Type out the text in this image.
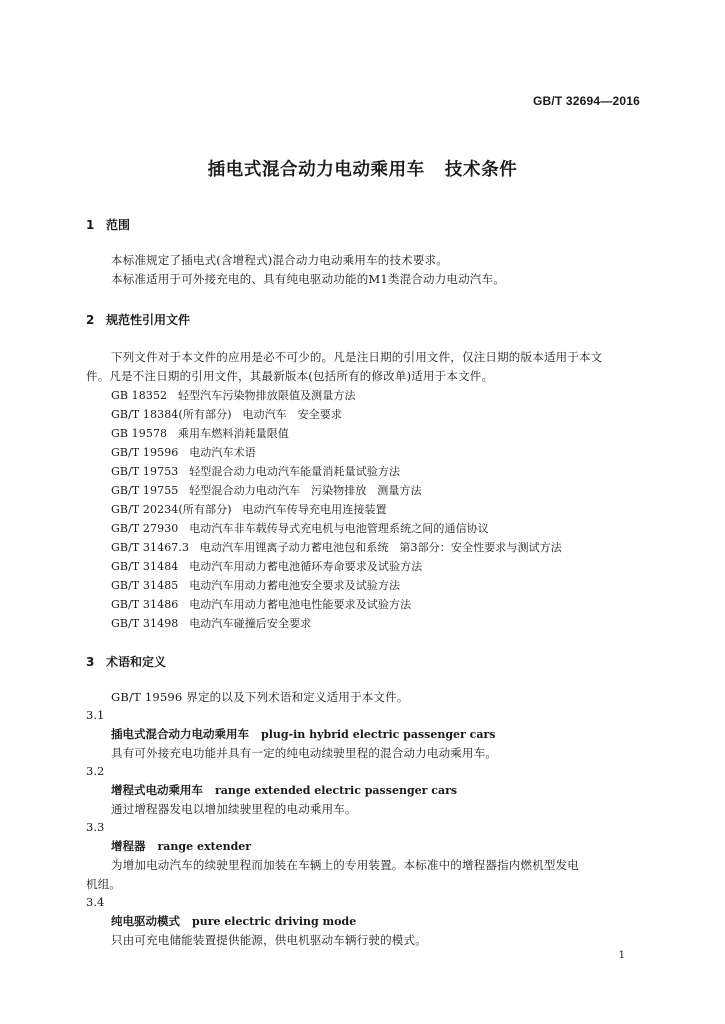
GB/T 32694—2016
插电式混合动力电动乘用车   技术条件
1 范围
本标准规定了插电式(含增程式)混合动力电动乘用车的技术要求。
本标准适用于可外接充电的、具有纯电驱动功能的M1类混合动力电动汽车。
2 规范性引用文件
下列文件对于本文件的应用是必不可少的。凡是注日期的引用文件，仅注日期的版本适用于本文
件。凡是不注日期的引用文件，其最新版本(包括所有的修改单)适用于本文件。
GB 18352   轻型汽车污染物排放限值及测量方法
GB/T 18384(所有部分)   电动汽车   安全要求
GB 19578   乘用车燃料消耗量限值
GB/T 19596   电动汽车术语
GB/T 19753   轻型混合动力电动汽车能量消耗量试验方法
GB/T 19755   轻型混合动力电动汽车   污染物排放   测量方法
GB/T 20234(所有部分)   电动汽车传导充电用连接装置
GB/T 27930   电动汽车非车载传导式充电机与电池管理系统之间的通信协议
GB/T 31467.3   电动汽车用锂离子动力蓄电池包和系统   第3部分：安全性要求与测试方法
GB/T 31484   电动汽车用动力蓄电池循环寿命要求及试验方法
GB/T 31485   电动汽车用动力蓄电池安全要求及试验方法
GB/T 31486   电动汽车用动力蓄电池电性能要求及试验方法
GB/T 31498   电动汽车碰撞后安全要求
3 术语和定义
GB/T 19596 界定的以及下列术语和定义适用于本文件。
3.1
插电式混合动力电动乘用车 plug-in hybrid electric passenger cars
具有可外接充电功能并具有一定的纯电动续驶里程的混合动力电动乘用车。
3.2
增程式电动乘用车 range extended electric passenger cars
通过增程器发电以增加续驶里程的电动乘用车。
3.3
增程器 range extender
为增加电动汽车的续驶里程而加装在车辆上的专用装置。本标准中的增程器指内燃机型发电
机组。
3.4
纯电驱动模式 pure electric driving mode
只由可充电储能装置提供能源，供电机驱动车辆行驶的模式。
1
